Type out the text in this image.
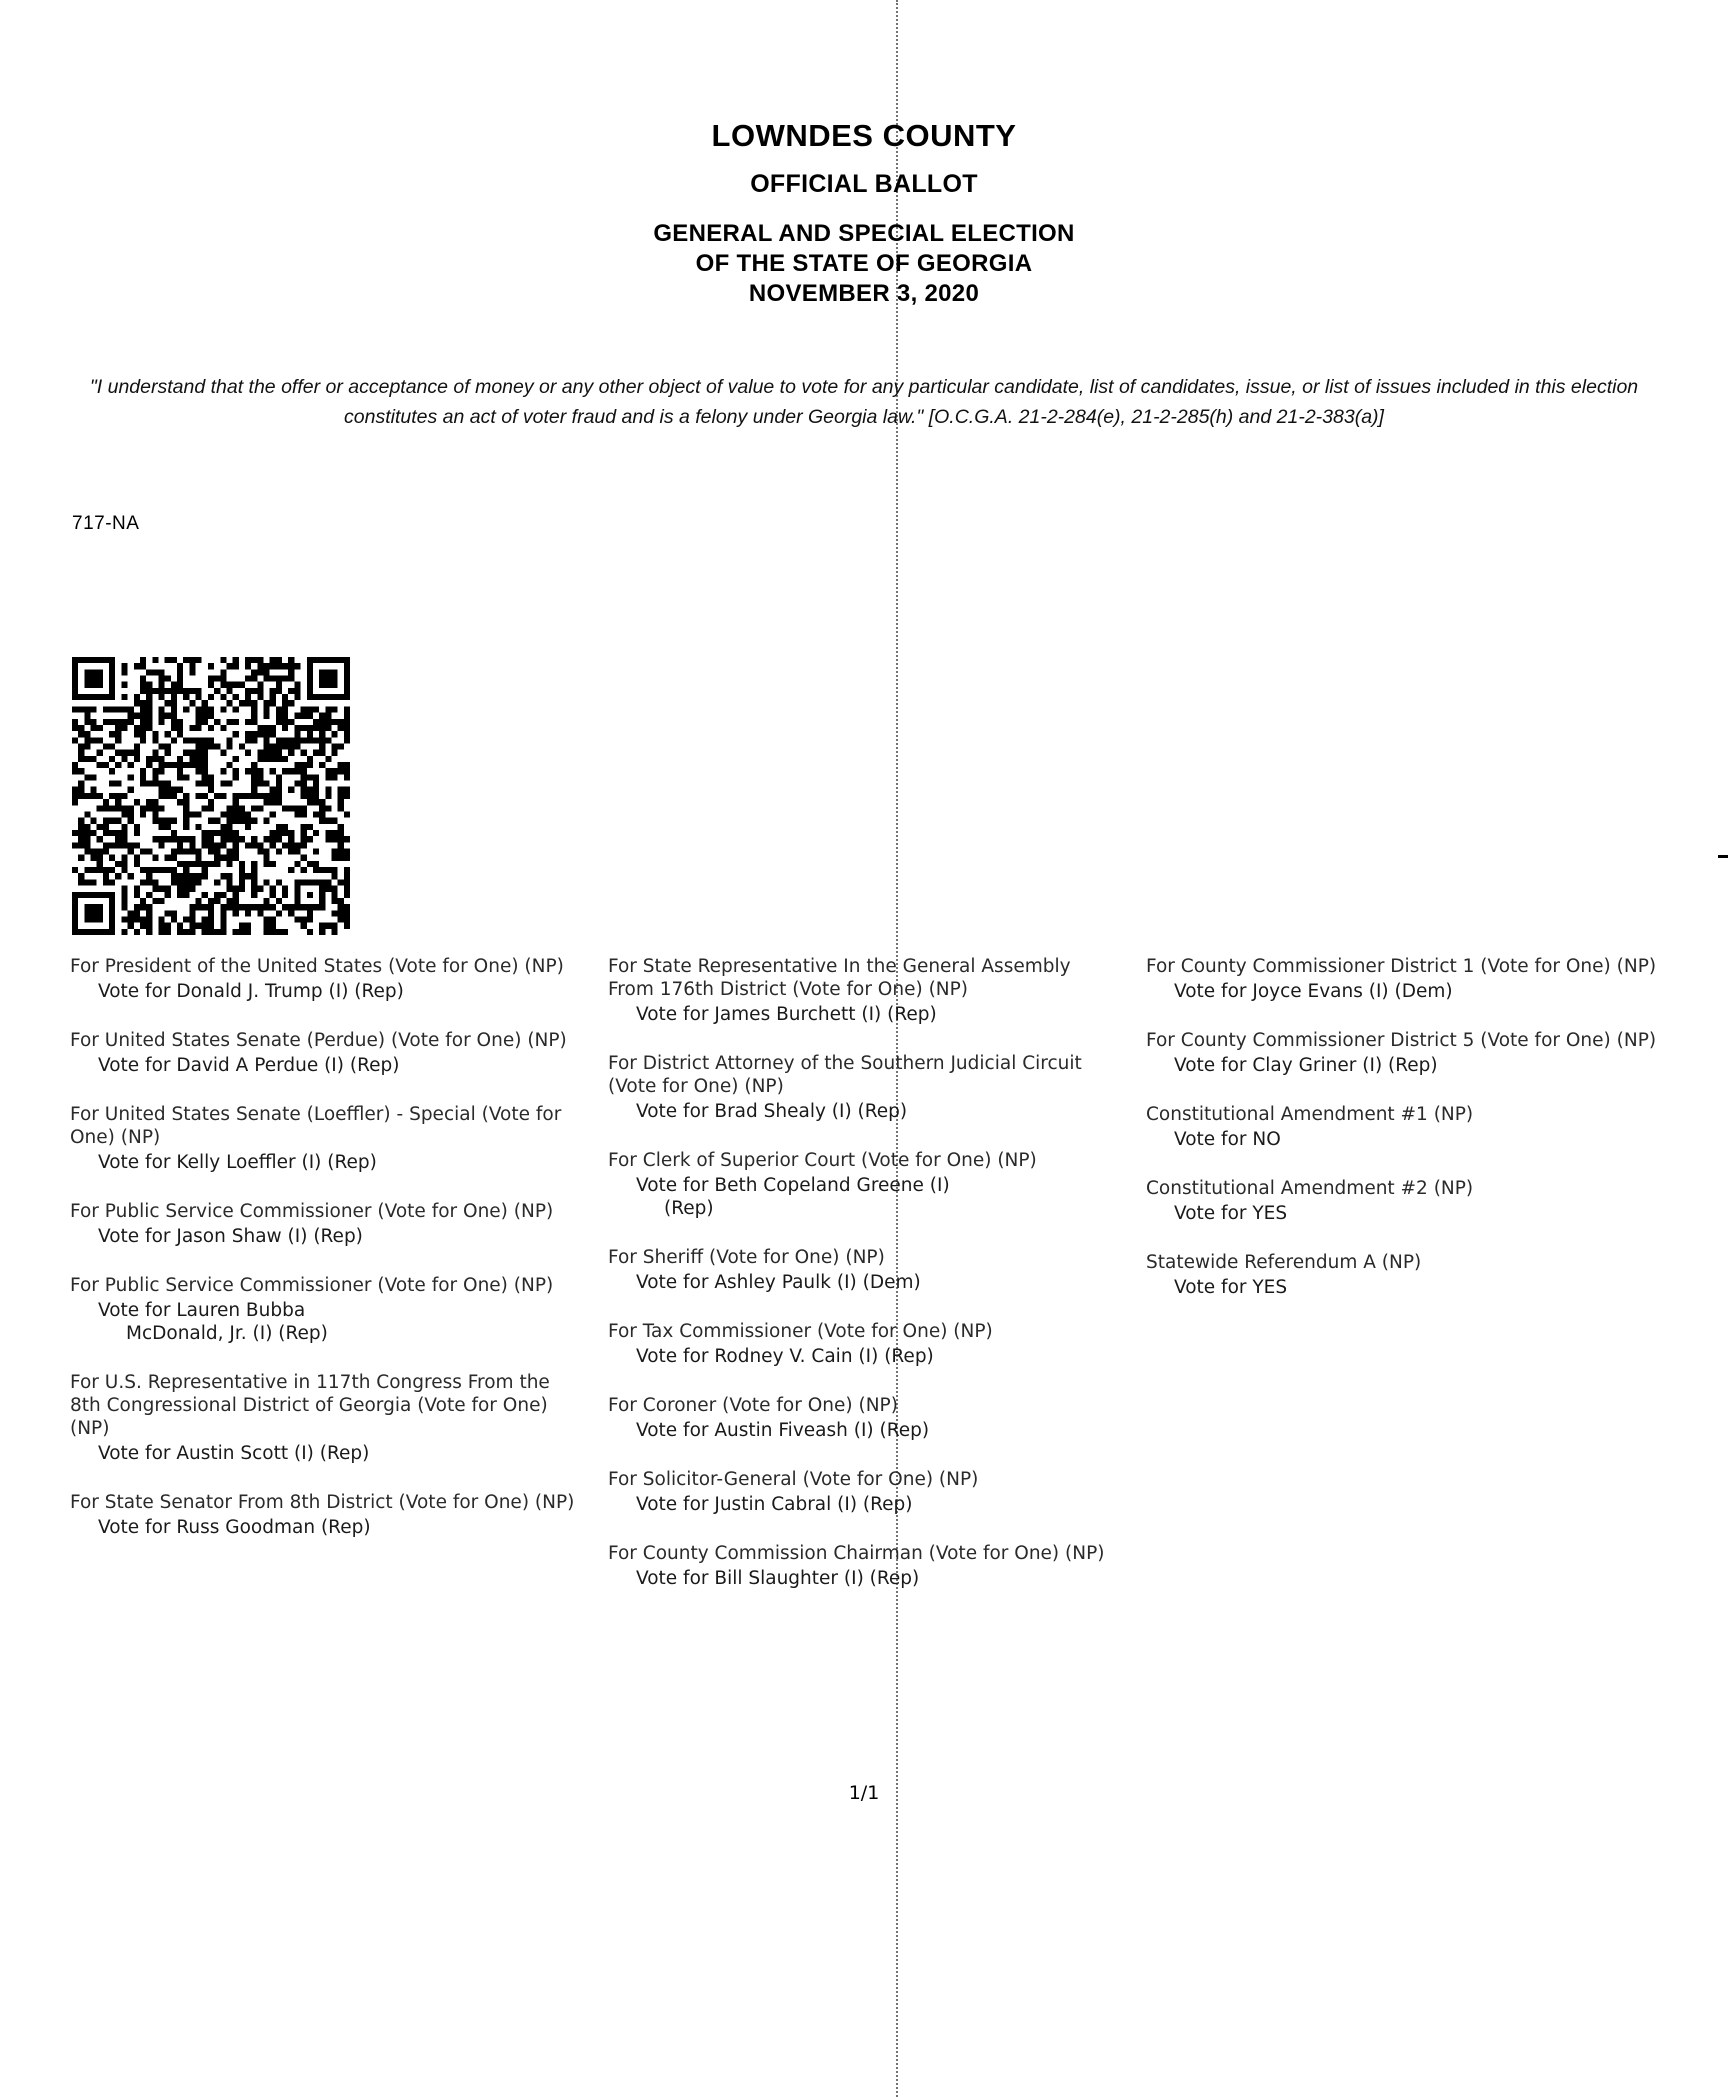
LOWNDES COUNTY
OFFICIAL BALLOT
GENERAL AND SPECIAL ELECTION
OF THE STATE OF GEORGIA
NOVEMBER 3, 2020
"I understand that the offer or acceptance of money or any other object of value to vote for any particular candidate, list of candidates, issue, or list of issues included in this election constitutes an act of voter fraud and is a felony under Georgia law." [O.C.G.A. 21-2-284(e), 21-2-285(h) and 21-2-383(a)]
717-NA
For President of the United States (Vote for One) (NP)
Vote for Donald J. Trump (I) (Rep)
For United States Senate (Perdue) (Vote for One) (NP)
Vote for David A Perdue (I) (Rep)
For United States Senate (Loeffler) - Special (Vote for One) (NP)
Vote for Kelly Loeffler (I) (Rep)
For Public Service Commissioner (Vote for One) (NP)
Vote for Jason Shaw (I) (Rep)
For Public Service Commissioner (Vote for One) (NP)
Vote for Lauren Bubba
McDonald, Jr. (I) (Rep)
For U.S. Representative in 117th Congress From the 8th Congressional District of Georgia (Vote for One) (NP)
Vote for Austin Scott (I) (Rep)
For State Senator From 8th District (Vote for One) (NP)
Vote for Russ Goodman (Rep)
For State Representative In the General Assembly From 176th District (Vote for One) (NP)
Vote for James Burchett (I) (Rep)
For District Attorney of the Southern Judicial Circuit (Vote for One) (NP)
Vote for Brad Shealy (I) (Rep)
For Clerk of Superior Court (Vote for One) (NP)
Vote for Beth Copeland Greene (I)
(Rep)
For Sheriff (Vote for One) (NP)
Vote for Ashley Paulk (I) (Dem)
For Tax Commissioner (Vote for One) (NP)
Vote for Rodney V. Cain (I) (Rep)
For Coroner (Vote for One) (NP)
Vote for Austin Fiveash (I) (Rep)
For Solicitor-General (Vote for One) (NP)
Vote for Justin Cabral (I) (Rep)
For County Commission Chairman (Vote for One) (NP)
Vote for Bill Slaughter (I) (Rep)
For County Commissioner District 1 (Vote for One) (NP)
Vote for Joyce Evans (I) (Dem)
For County Commissioner District 5 (Vote for One) (NP)
Vote for Clay Griner (I) (Rep)
Constitutional Amendment #1 (NP)
Vote for NO
Constitutional Amendment #2 (NP)
Vote for YES
Statewide Referendum A (NP)
Vote for YES
1/1
